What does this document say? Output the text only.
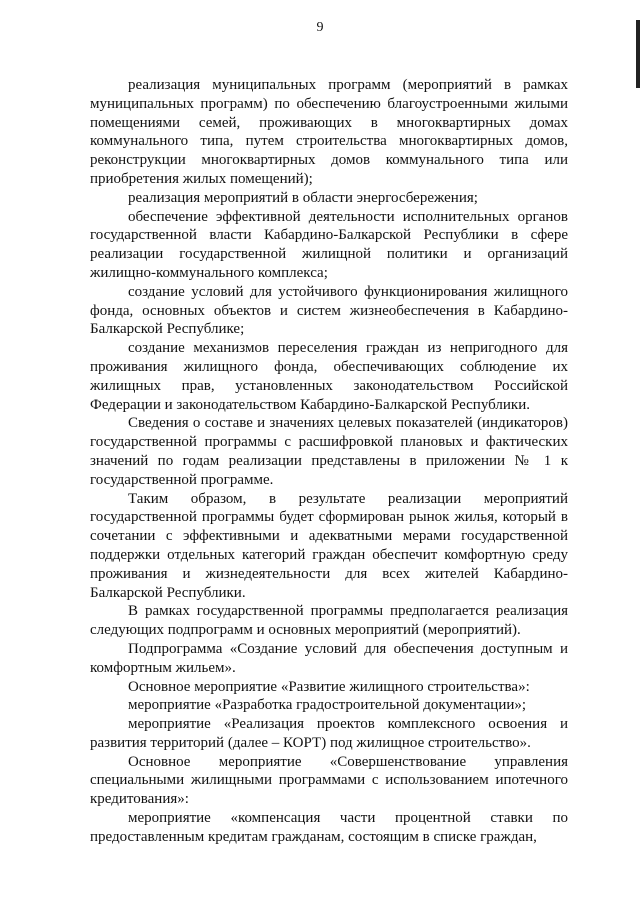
9

реализация муниципальных программ (мероприятий в рамках муниципальных программ) по обеспечению благоустроенными жилыми помещениями семей, проживающих в многоквартирных домах коммунального типа, путем строительства многоквартирных домов, реконструкции многоквартирных домов коммунального типа или приобретения жилых помещений);

реализация мероприятий в области энергосбережения;

обеспечение эффективной деятельности исполнительных органов государственной власти Кабардино-Балкарской Республики в сфере реализации государственной жилищной политики и организаций жилищно-коммунального комплекса;

создание условий для устойчивого функционирования жилищного фонда, основных объектов и систем жизнеобеспечения в Кабардино-Балкарской Республике;

создание механизмов переселения граждан из непригодного для проживания жилищного фонда, обеспечивающих соблюдение их жилищных прав, установленных законодательством Российской Федерации и законодательством Кабардино-Балкарской Республики.

Сведения о составе и значениях целевых показателей (индикаторов) государственной программы с расшифровкой плановых и фактических значений по годам реализации представлены в приложении № 1 к государственной программе.

Таким образом, в результате реализации мероприятий государственной программы будет сформирован рынок жилья, который в сочетании с эффективными и адекватными мерами государственной поддержки отдельных категорий граждан обеспечит комфортную среду проживания и жизнедеятельности для всех жителей Кабардино-Балкарской Республики.

В рамках государственной программы предполагается реализация следующих подпрограмм и основных мероприятий (мероприятий).

Подпрограмма «Создание условий для обеспечения доступным и комфортным жильем».

Основное мероприятие «Развитие жилищного строительства»:

мероприятие «Разработка градостроительной документации»;

мероприятие «Реализация проектов комплексного освоения и развития территорий (далее – КОРТ) под жилищное строительство».

Основное мероприятие «Совершенствование управления специальными жилищными программами с использованием ипотечного кредитования»:

мероприятие «компенсация части процентной ставки по предоставленным кредитам гражданам, состоящим в списке граждан,
